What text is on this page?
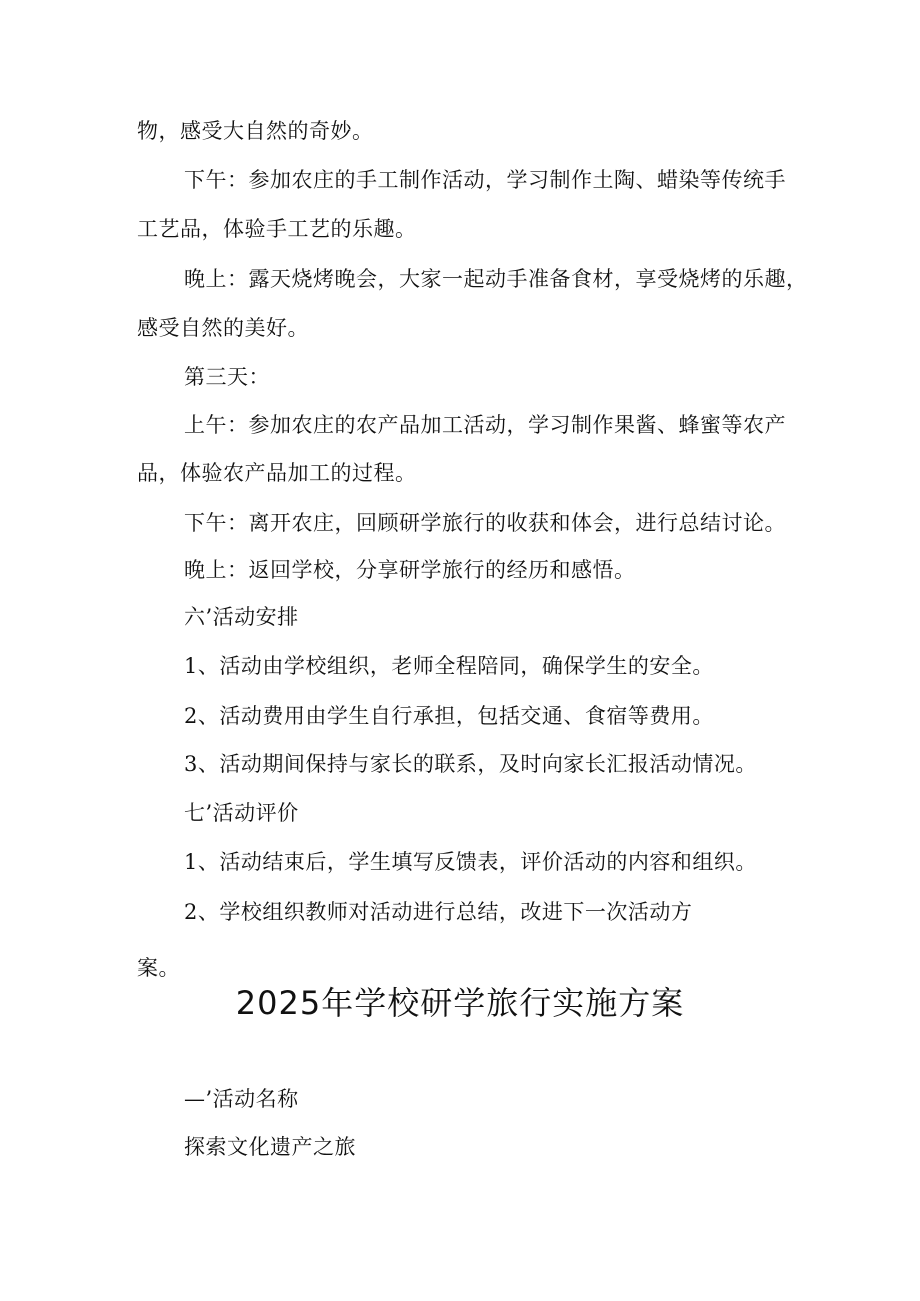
物，感受大自然的奇妙。
下午：参加农庄的手工制作活动，学习制作土陶、蜡染等传统手
工艺品，体验手工艺的乐趣。
晚上：露天烧烤晚会，大家一起动手准备食材，享受烧烤的乐趣，
感受自然的美好。
第三天：
上午：参加农庄的农产品加工活动，学习制作果酱、蜂蜜等农产
品，体验农产品加工的过程。
下午：离开农庄，回顾研学旅行的收获和体会，进行总结讨论。
晚上：返回学校，分享研学旅行的经历和感悟。
六’活动安排
1、活动由学校组织，老师全程陪同，确保学生的安全。
2、活动费用由学生自行承担，包括交通、食宿等费用。
3、活动期间保持与家长的联系，及时向家长汇报活动情况。
七’活动评价
1、活动结束后，学生填写反馈表，评价活动的内容和组织。
2、学校组织教师对活动进行总结，改进下一次活动方
案。
2025年学校研学旅行实施方案
—’活动名称
探索文化遗产之旅
